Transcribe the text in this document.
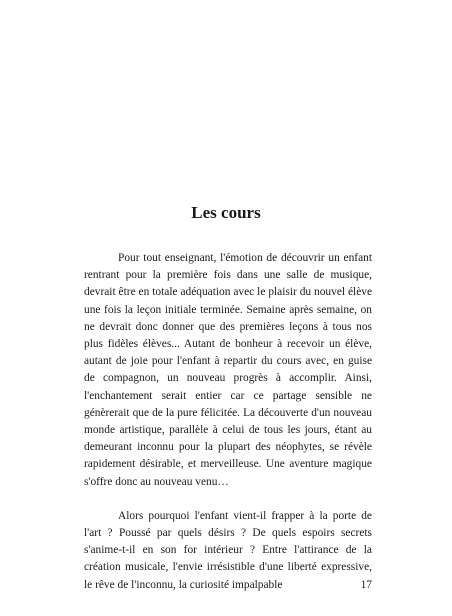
Les cours

Pour tout enseignant, l'émotion de découvrir un enfant rentrant pour la première fois dans une salle de musique, devrait être en totale adéquation avec le plaisir du nouvel élève une fois la leçon initiale terminée. Semaine après semaine, on ne devrait donc donner que des premières leçons à tous nos plus fidèles élèves... Autant de bonheur à recevoir un élève, autant de joie pour l'enfant à repartir du cours avec, en guise de compagnon, un nouveau progrès à accomplir. Ainsi, l'enchantement serait entier car ce partage sensible ne génèrerait que de la pure félicitée. La découverte d'un nouveau monde artistique, parallèle à celui de tous les jours, étant au demeurant inconnu pour la plupart des néophytes, se révèle rapidement désirable, et merveilleuse. Une aventure magique s'offre donc au nouveau venu…

Alors pourquoi l'enfant vient-il frapper à la porte de l'art ? Poussé par quels désirs ? De quels espoirs secrets s'anime-t-il en son for intérieur ? Entre l'attirance de la création musicale, l'envie irrésistible d'une liberté expressive, le rêve de l'inconnu, la curiosité impalpable	17
